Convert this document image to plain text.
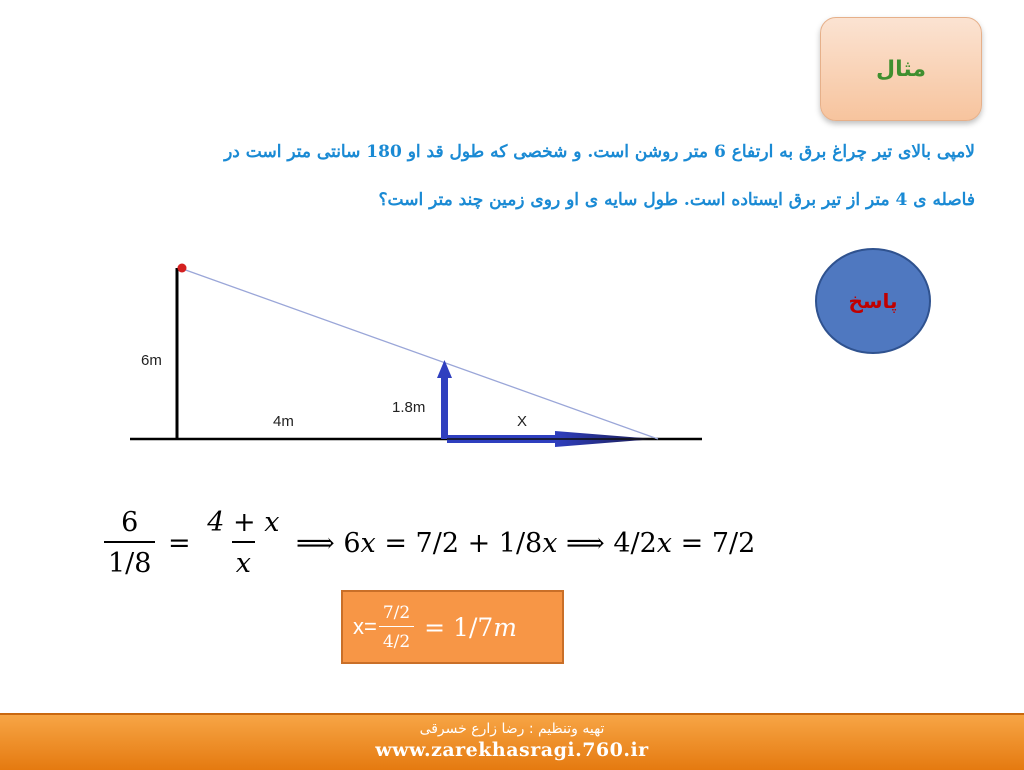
مثال
لامپی بالای تیر چراغ برق به ارتفاع 6 متر روشن است. و شخصی که طول قد او 180 سانتی متر است در
فاصله ی 4 متر از تیر برق ایستاده است. طول سایه ی او روی زمین چند متر است؟
پاسخ
6m
4m
1.8m
X
$\frac{6}{1/8} = \frac{4 + x}{x}$ ⟹ 6 x = 7/2 + 1/8 x ⟹ 4/2 x = 7/2
$x= \frac{7/2}{4/2} = 1/7$ m
تهیه وتنظیم : رضا زارع خسرقی
www.zarekhasragi.760.ir
